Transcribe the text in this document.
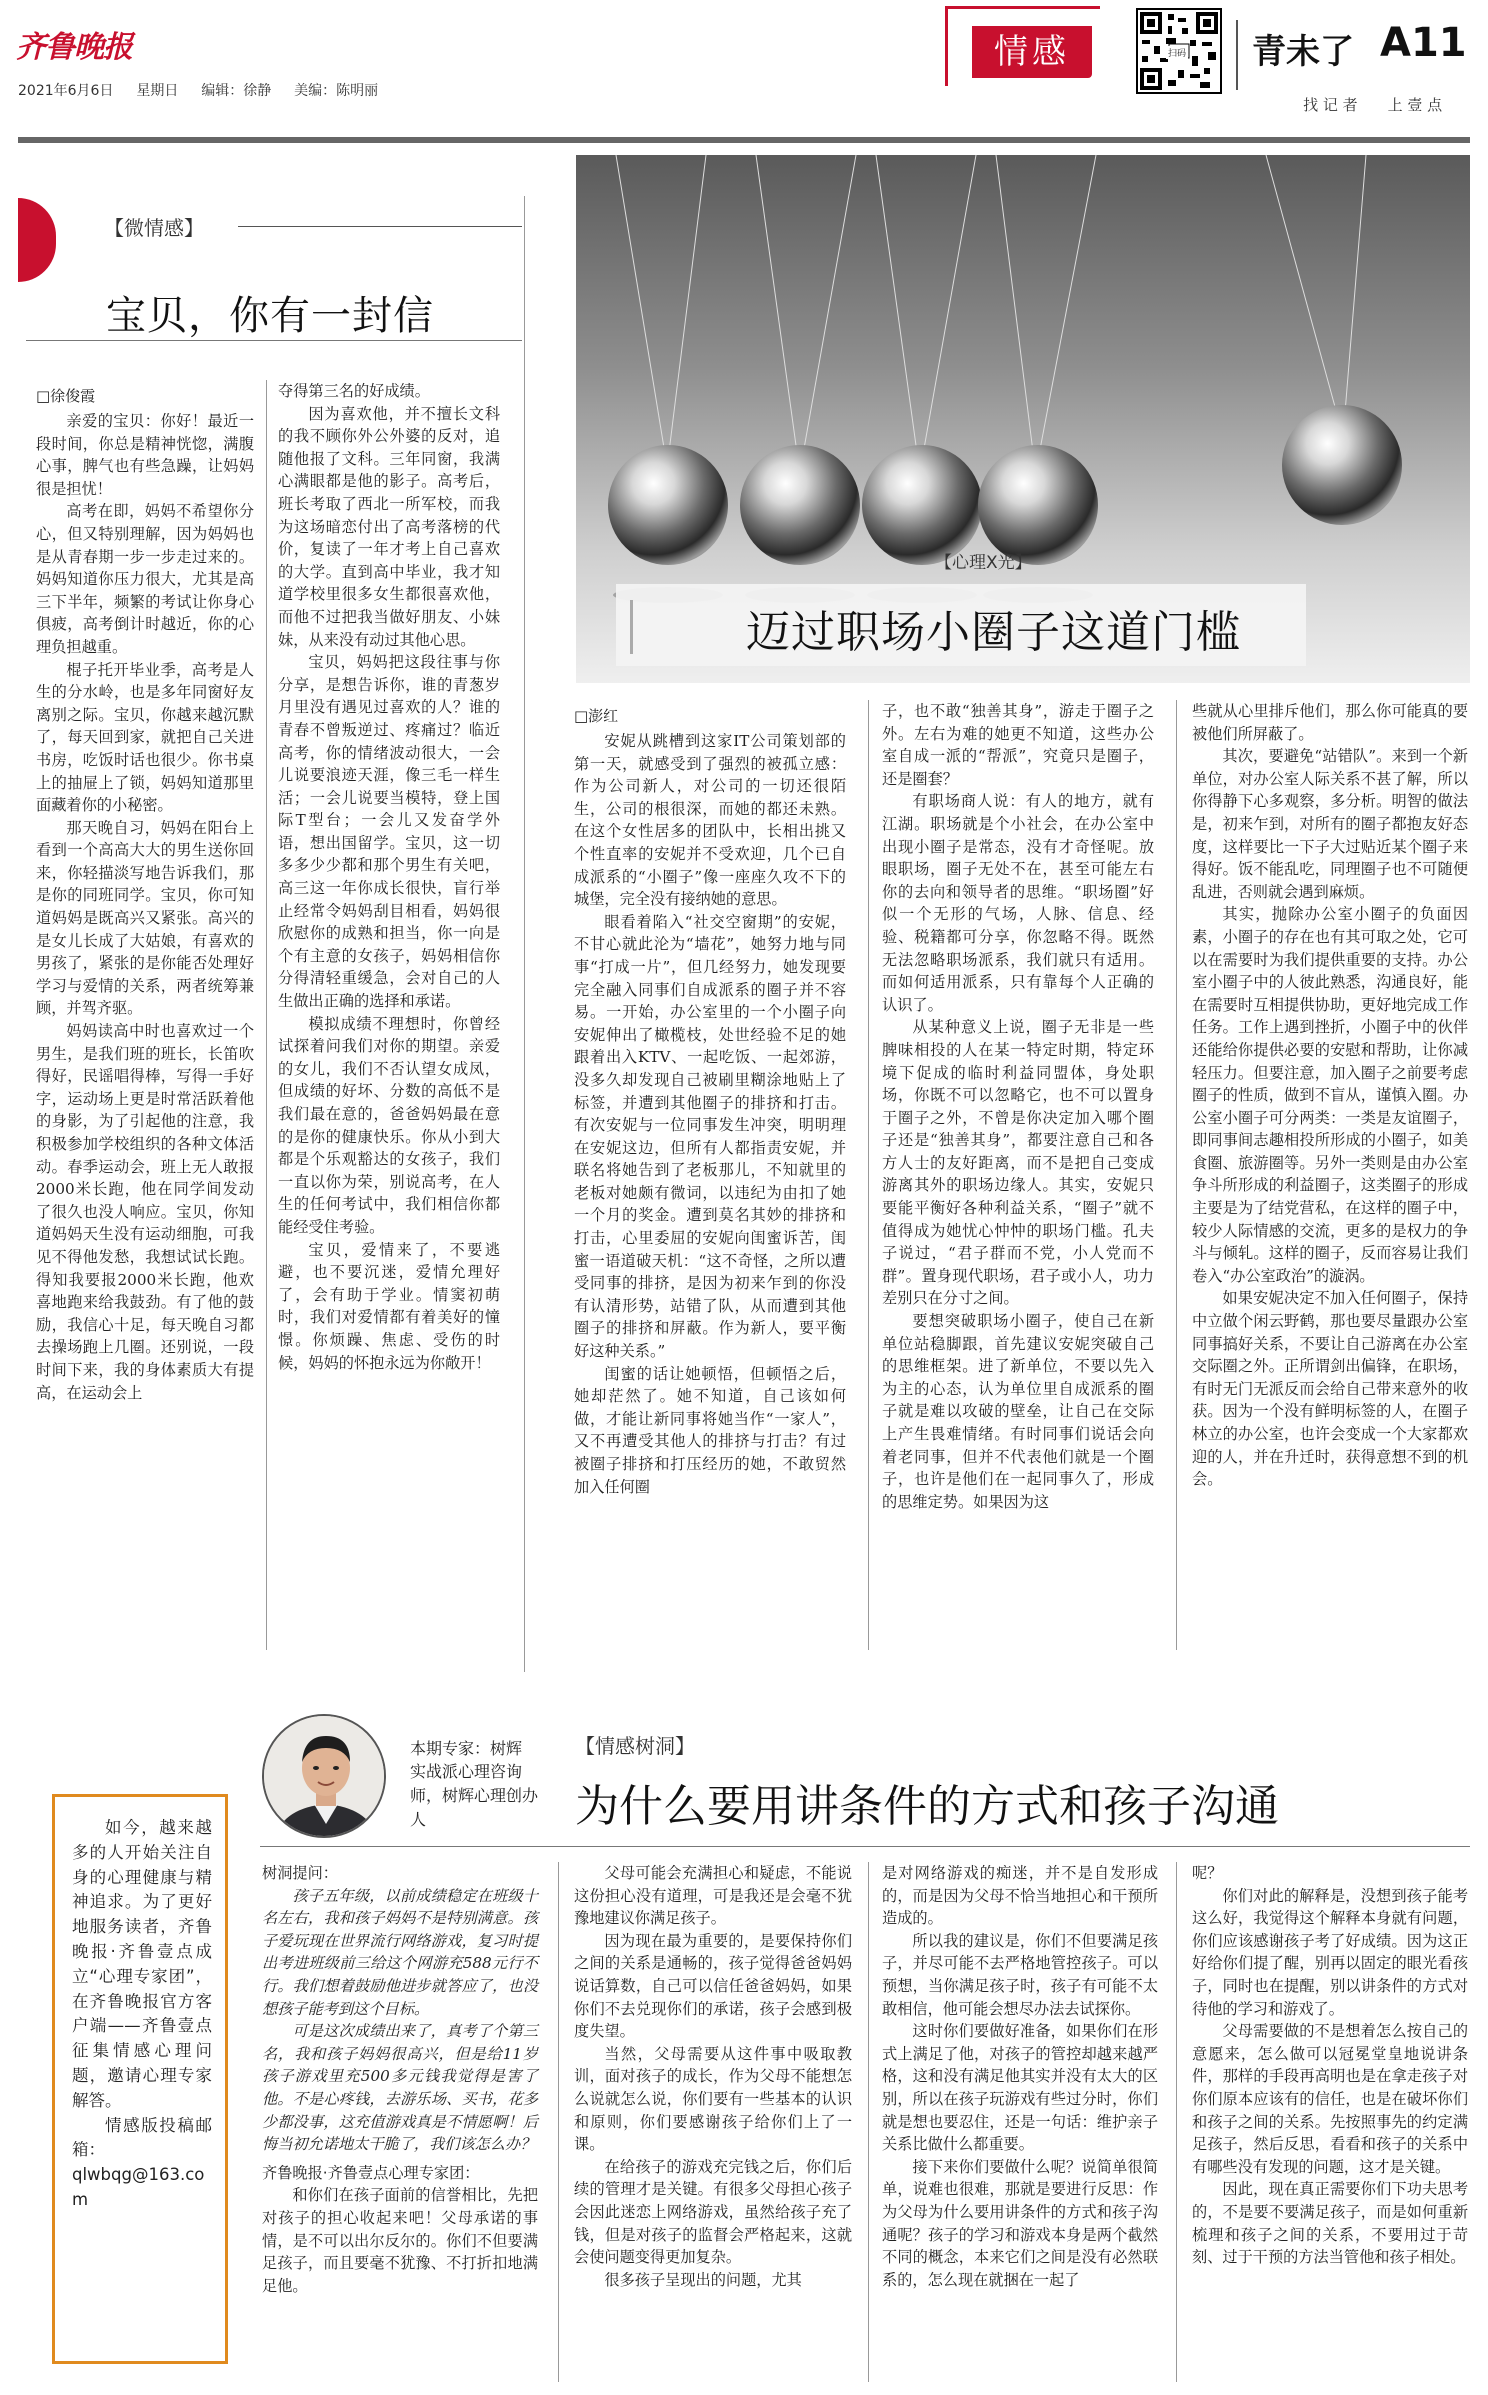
齐鲁晚报
2021年6月6日 星期日 编辑：徐静 美编：陈明丽
情感	扫码 青未了 A11

找 记 者　　上 壹 点

【微情感】
宝贝，你有一封信
□徐俊霞

亲爱的宝贝：你好！最近一段时间，你总是精神恍惚，满腹心事，脾气也有些急躁，让妈妈很是担忧！

高考在即，妈妈不希望你分心，但又特别理解，因为妈妈也是从青春期一步一步走过来的。妈妈知道你压力很大，尤其是高三下半年，频繁的考试让你身心俱疲，高考倒计时越近，你的心理负担越重。

棍子托开毕业季，高考是人生的分水岭，也是多年同窗好友离别之际。宝贝，你越来越沉默了，每天回到家，就把自己关进书房，吃饭时话也很少。你书桌上的抽屉上了锁，妈妈知道那里面藏着你的小秘密。

那天晚自习，妈妈在阳台上看到一个高高大大的男生送你回来，你轻描淡写地告诉我们，那是你的同班同学。宝贝，你可知道妈妈是既高兴又紧张。高兴的是女儿长成了大姑娘，有喜欢的男孩了，紧张的是你能否处理好学习与爱情的关系，两者统筹兼顾，并驾齐驱。

妈妈读高中时也喜欢过一个男生，是我们班的班长，长笛吹得好，民谣唱得棒，写得一手好字，运动场上更是时常活跃着他的身影，为了引起他的注意，我积极参加学校组织的各种文体活动。春季运动会，班上无人敢报2000米长跑，他在同学间发动了很久也没人响应。宝贝，你知道妈妈天生没有运动细胞，可我见不得他发愁，我想试试长跑。得知我要报2000米长跑，他欢喜地跑来给我鼓劲。有了他的鼓励，我信心十足，每天晚自习都去操场跑上几圈。还别说，一段时间下来，我的身体素质大有提高，在运动会上

夺得第三名的好成绩。

因为喜欢他，并不擅长文科的我不顾你外公外婆的反对，追随他报了文科。三年同窗，我满心满眼都是他的影子。高考后，班长考取了西北一所军校，而我为这场暗恋付出了高考落榜的代价，复读了一年才考上自己喜欢的大学。直到高中毕业，我才知道学校里很多女生都很喜欢他，而他不过把我当做好朋友、小妹妹，从来没有动过其他心思。

宝贝，妈妈把这段往事与你分享，是想告诉你，谁的青葱岁月里没有遇见过喜欢的人？谁的青春不曾叛逆过、疼痛过？临近高考，你的情绪波动很大，一会儿说要浪迹天涯，像三毛一样生活；一会儿说要当模特，登上国际T型台；一会儿又发奋学外语，想出国留学。宝贝，这一切多多少少都和那个男生有关吧，高三这一年你成长很快，盲行举止经常令妈妈刮目相看，妈妈很欣慰你的成熟和担当，你一向是个有主意的女孩子，妈妈相信你分得清轻重缓急，会对自己的人生做出正确的选择和承诺。

模拟成绩不理想时，你曾经试探着问我们对你的期望。亲爱的女儿，我们不否认望女成凤，但成绩的好坏、分数的高低不是我们最在意的，爸爸妈妈最在意的是你的健康快乐。你从小到大都是个乐观豁达的女孩子，我们一直以你为荣，别说高考，在人生的任何考试中，我们相信你都能经受住考验。

宝贝，爱情来了，不要逃避，也不要沉迷，爱情允理好了，会有助于学业。情窦初萌时，我们对爱情都有着美好的憧憬。你烦躁、焦虑、受伤的时候，妈妈的怀抱永远为你敞开！

【心理X光】
迈过职场小圈子这道门槛
□澎红

安妮从跳槽到这家IT公司策划部的第一天，就感受到了强烈的被孤立感：作为公司新人，对公司的一切还很陌生，公司的根很深，而她的都还未熟。在这个女性居多的团队中，长相出挑又个性直率的安妮并不受欢迎，几个已自成派系的“小圈子”像一座座久攻不下的城堡，完全没有接纳她的意思。

眼看着陷入“社交空窗期”的安妮，不甘心就此沦为“墙花”，她努力地与同事“打成一片”，但几经努力，她发现要完全融入同事们自成派系的圈子并不容易。一开始，办公室里的一个小圈子向安妮伸出了橄榄枝，处世经验不足的她跟着出入KTV、一起吃饭、一起郊游，没多久却发现自己被刷里糊涂地贴上了标签，并遭到其他圈子的排挤和打击。有次安妮与一位同事发生冲突，明明理在安妮这边，但所有人都指责安妮，并联名将她告到了老板那儿，不知就里的老板对她颇有微词，以违纪为由扣了她一个月的奖金。遭到莫名其妙的排挤和打击，心里委屈的安妮向闺蜜诉苦，闺蜜一语道破天机：“这不奇怪，之所以遭受同事的排挤，是因为初来乍到的你没有认清形势，站错了队，从而遭到其他圈子的排挤和屏蔽。作为新人，要平衡好这种关系。”

闺蜜的话让她顿悟，但顿悟之后，她却茫然了。她不知道，自己该如何做，才能让新同事将她当作“一家人”，又不再遭受其他人的排挤与打击？有过被圈子排挤和打压经历的她，不敢贸然加入任何圈

子，也不敢“独善其身”，游走于圈子之外。左右为难的她更不知道，这些办公室自成一派的“帮派”，究竟只是圈子，还是圈套？

有职场商人说：有人的地方，就有江湖。职场就是个小社会，在办公室中出现小圈子是常态，没有才奇怪呢。放眼职场，圈子无处不在，甚至可能左右你的去向和领导者的思维。“职场圈”好似一个无形的气场，人脉、信息、经验、税籍都可分享，你忽略不得。既然无法忽略职场派系，我们就只有适用。而如何适用派系，只有靠每个人正确的认识了。

从某种意义上说，圈子无非是一些脾味相投的人在某一特定时期，特定环境下促成的临时利益同盟体，身处职场，你既不可以忽略它，也不可以置身于圈子之外，不曾是你决定加入哪个圈子还是“独善其身”，都要注意自己和各方人士的友好距离，而不是把自己变成游离其外的职场边缘人。其实，安妮只要能平衡好各种利益关系，“圈子”就不值得成为她忧心忡忡的职场门槛。孔夫子说过，“君子群而不党，小人党而不群”。置身现代职场，君子或小人，功力差别只在分寸之间。

要想突破职场小圈子，使自己在新单位站稳脚跟，首先建议安妮突破自己的思维框架。进了新单位，不要以先入为主的心态，认为单位里自成派系的圈子就是难以攻破的壁垒，让自己在交际上产生畏难情绪。有时同事们说话会向着老同事，但并不代表他们就是一个圈子，也许是他们在一起同事久了，形成的思维定势。如果因为这

些就从心里排斥他们，那么你可能真的要被他们所屏蔽了。

其次，要避免“站错队”。来到一个新单位，对办公室人际关系不甚了解，所以你得静下心多观察，多分析。明智的做法是，初来乍到，对所有的圈子都抱友好态度，这样要比一下子大过贴近某个圈子来得好。饭不能乱吃，同理圈子也不可随便乱进，否则就会遇到麻烦。

其实，抛除办公室小圈子的负面因素，小圈子的存在也有其可取之处，它可以在需要时为我们提供重要的支持。办公室小圈子中的人彼此熟悉，沟通良好，能在需要时互相提供协助，更好地完成工作任务。工作上遇到挫折，小圈子中的伙伴还能给你提供必要的安慰和帮助，让你减轻压力。但要注意，加入圈子之前要考虑圈子的性质，做到不盲从，谨慎入圈。办公室小圈子可分两类：一类是友谊圈子，即同事间志趣相投所形成的小圈子，如美食圈、旅游圈等。另外一类则是由办公室争斗所形成的利益圈子，这类圈子的形成主要是为了结党营私，在这样的圈子中，较少人际情感的交流，更多的是权力的争斗与倾轧。这样的圈子，反而容易让我们卷入“办公室政治”的漩涡。

如果安妮决定不加入任何圈子，保持中立做个闲云野鹤，那也要尽量跟办公室同事搞好关系，不要让自己游离在办公室交际圈之外。正所谓剑出偏锋，在职场，有时无门无派反而会给自己带来意外的收获。因为一个没有鲜明标签的人，在圈子林立的办公室，也许会变成一个大家都欢迎的人，并在升迁时，获得意想不到的机会。

本期专家：树辉
实战派心理咨询师，树辉心理创办人
【情感树洞】
为什么要用讲条件的方式和孩子沟通
如今，越来越多的人开始关注自身的心理健康与精神追求。为了更好地服务读者，齐鲁晚报·齐鲁壹点成立“心理专家团”，在齐鲁晚报官方客户端——齐鲁壹点征集情感心理问题，邀请心理专家解答。
情感版投稿邮箱：
qlwbqg@163.com

树洞提问：

孩子五年级，以前成绩稳定在班级十名左右，我和孩子妈妈不是特别满意。孩子爱玩现在世界流行网络游戏，复习时提出考进班级前三给这个网游充588元行不行。我们想着鼓励他进步就答应了，也没想孩子能考到这个目标。

可是这次成绩出来了，真考了个第三名，我和孩子妈妈很高兴，但是给11岁孩子游戏里充500多元钱我觉得是害了他。不是心疼钱，去游乐场、买书，花多少都没事，这充值游戏真是不情愿啊！后悔当初允诺地太干脆了，我们该怎么办？

齐鲁晚报·齐鲁壹点心理专家团：

和你们在孩子面前的信誉相比，先把对孩子的担心收起来吧！父母承诺的事情，是不可以出尔反尔的。你们不但要满足孩子，而且要毫不犹豫、不打折扣地满足他。

父母可能会充满担心和疑虑，不能说这份担心没有道理，可是我还是会毫不犹豫地建议你满足孩子。

因为现在最为重要的，是要保持你们之间的关系是通畅的，孩子觉得爸爸妈妈说话算数，自己可以信任爸爸妈妈，如果你们不去兑现你们的承诺，孩子会感到极度失望。

当然，父母需要从这件事中吸取教训，面对孩子的成长，作为父母不能想怎么说就怎么说，你们要有一些基本的认识和原则，你们要感谢孩子给你们上了一课。

在给孩子的游戏充完钱之后，你们后续的管理才是关键。有很多父母担心孩子会因此迷恋上网络游戏，虽然给孩子充了钱，但是对孩子的监督会严格起来，这就会使问题变得更加复杂。

很多孩子呈现出的问题，尤其

是对网络游戏的痴迷，并不是自发形成的，而是因为父母不恰当地担心和干预所造成的。

所以我的建议是，你们不但要满足孩子，并尽可能不去严格地管控孩子。可以预想，当你满足孩子时，孩子有可能不太敢相信，他可能会想尽办法去试探你。

这时你们要做好准备，如果你们在形式上满足了他，对孩子的管控却越来越严格，这和没有满足他其实并没有太大的区别，所以在孩子玩游戏有些过分时，你们就是想也要忍住，还是一句话：维护亲子关系比做什么都重要。

接下来你们要做什么呢？说简单很简单，说难也很难，那就是要进行反思：作为父母为什么要用讲条件的方式和孩子沟通呢？孩子的学习和游戏本身是两个截然不同的概念，本来它们之间是没有必然联系的，怎么现在就捆在一起了

呢？

你们对此的解释是，没想到孩子能考这么好，我觉得这个解释本身就有问题，你们应该感谢孩子考了好成绩。因为这正好给你们提了醒，别再以固定的眼光看孩子，同时也在提醒，别以讲条件的方式对待他的学习和游戏了。

父母需要做的不是想着怎么按自己的意愿来，怎么做可以冠冕堂皇地说讲条件，那样的手段再高明也是在拿走孩子对你们原本应该有的信任，也是在破坏你们和孩子之间的关系。先按照事先的约定满足孩子，然后反思，看看和孩子的关系中有哪些没有发现的问题，这才是关键。

因此，现在真正需要你们下功夫思考的，不是要不要满足孩子，而是如何重新梳理和孩子之间的关系，不要用过于苛刻、过于干预的方法当管他和孩子相处。
